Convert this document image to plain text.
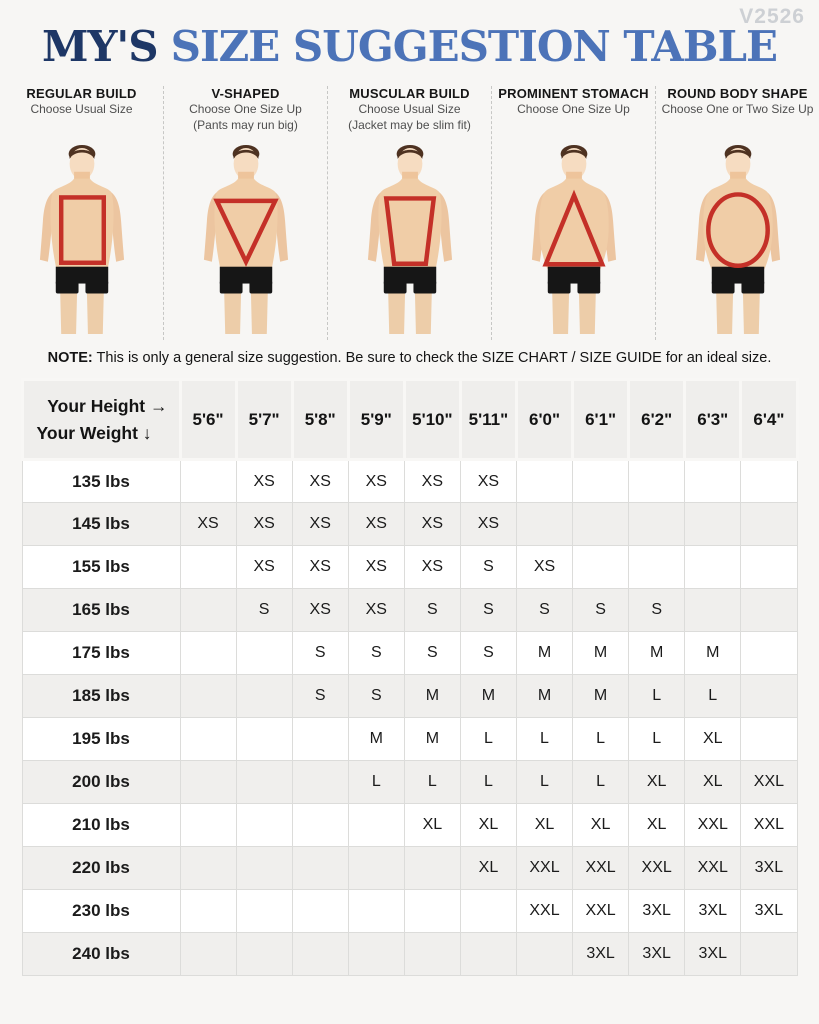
V2526
MY'S SIZE SUGGESTION TABLE
REGULAR BUILD
Choose Usual Size
V-SHAPED
Choose One Size Up
(Pants may run big)
MUSCULAR BUILD
Choose Usual Size
(Jacket may be slim fit)
PROMINENT STOMACH
Choose One Size Up
ROUND BODY SHAPE
Choose One or Two Size Up
NOTE: This is only a general size suggestion. Be sure to check the SIZE CHART / SIZE GUIDE for an ideal size.
Your Height →
Your Weight ↓	5'6"	5'7"	5'8"	5'9"	5'10"	5'11"	6'0"	6'1"	6'2"	6'3"	6'4"
135 lbs		XS	XS	XS	XS	XS					
145 lbs	XS	XS	XS	XS	XS	XS					
155 lbs		XS	XS	XS	XS	S	XS				
165 lbs		S	XS	XS	S	S	S	S	S		
175 lbs			S	S	S	S	M	M	M	M	
185 lbs			S	S	M	M	M	M	L	L	
195 lbs				M	M	L	L	L	L	XL	
200 lbs				L	L	L	L	L	XL	XL	XXL
210 lbs					XL	XL	XL	XL	XL	XXL	XXL
220 lbs						XL	XXL	XXL	XXL	XXL	3XL
230 lbs							XXL	XXL	3XL	3XL	3XL
240 lbs								3XL	3XL	3XL	
